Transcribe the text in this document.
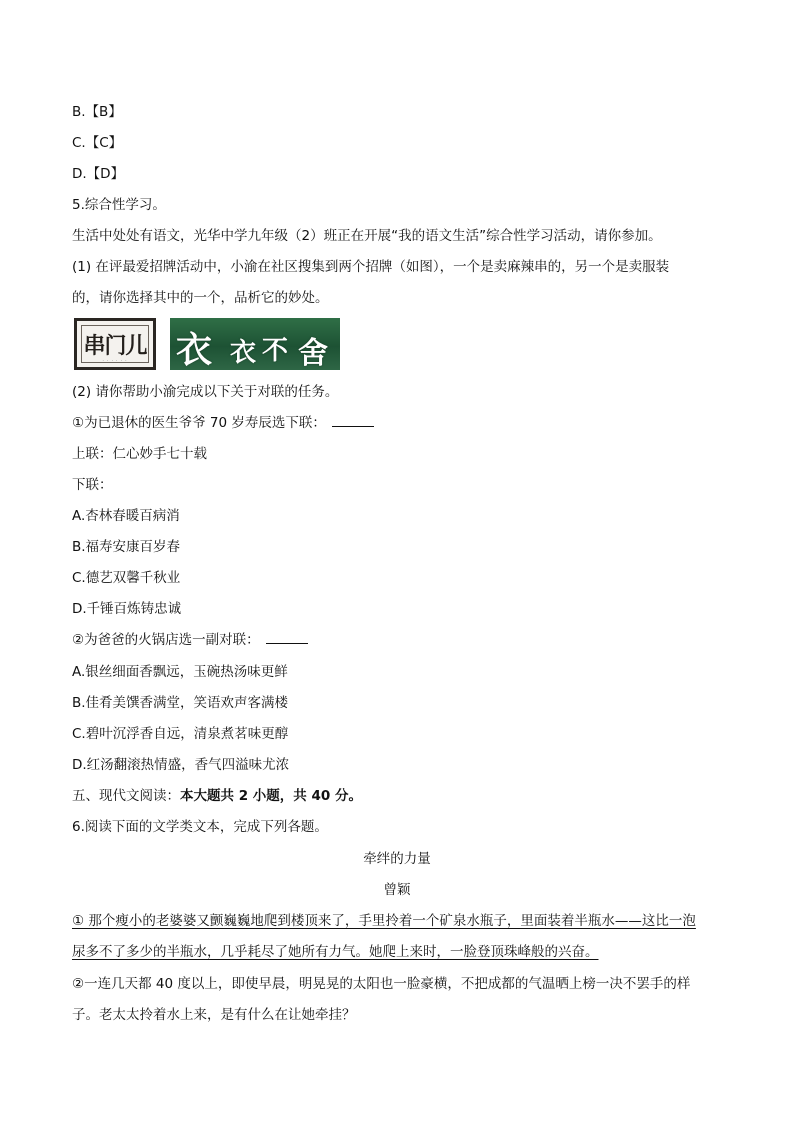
B.【B】
C.【C】
D.【D】
5.综合性学习。
生活中处处有语文，光华中学九年级（2）班正在开展“我的语文生活”综合性学习活动，请你参加。
(1) 在评最爱招牌活动中，小渝在社区搜集到两个招牌（如图），一个是卖麻辣串的，另一个是卖服装
的，请你选择其中的一个，品析它的妙处。
串门儿
· · · · · ·	衣 衣 不 舍
(2) 请你帮助小渝完成以下关于对联的任务。
①为已退休的医生爷爷 70 岁寿辰选下联：
上联：仁心妙手七十载
下联：
A.杏林春暖百病消
B.福寿安康百岁春
C.德艺双馨千秋业
D.千锤百炼铸忠诚
②为爸爸的火锅店选一副对联：
A.银丝细面香飘远，玉碗热汤味更鲜
B.佳肴美馔香满堂，笑语欢声客满楼
C.碧叶沉浮香自远，清泉煮茗味更醇
D.红汤翻滚热情盛，香气四溢味尤浓
五、现代文阅读：本大题共 2 小题，共 40 分。
6.阅读下面的文学类文本，完成下列各题。
牵绊的力量
曾颖
① 那个瘦小的老婆婆又颤巍巍地爬到楼顶来了，手里拎着一个矿泉水瓶子，里面装着半瓶水——这比一泡
尿多不了多少的半瓶水，几乎耗尽了她所有力气。她爬上来时，一脸登顶珠峰般的兴奋。
②一连几天都 40 度以上，即使早晨，明晃晃的太阳也一脸豪横，不把成都的气温晒上榜一决不罢手的样
子。老太太拎着水上来，是有什么在让她牵挂？
